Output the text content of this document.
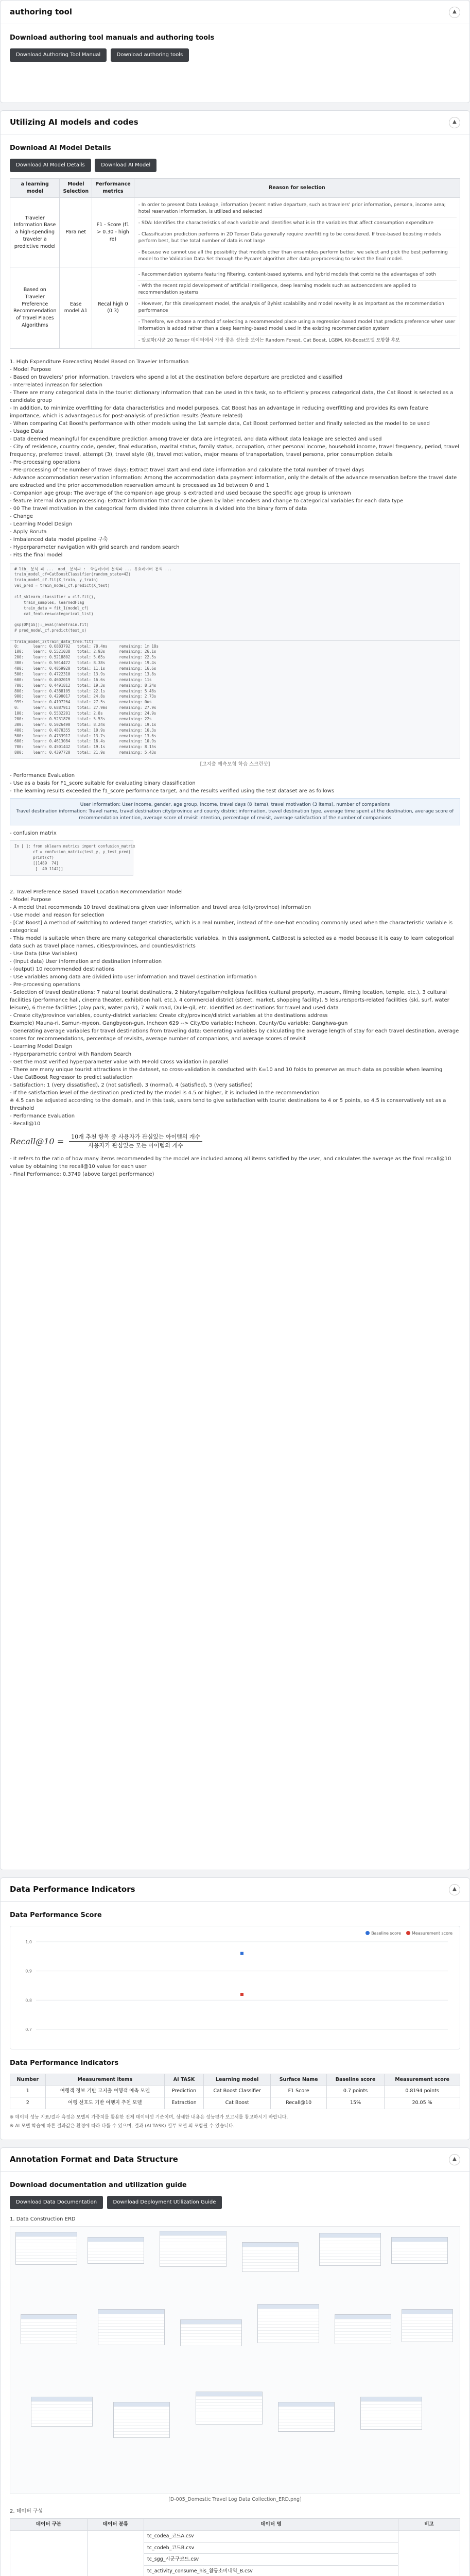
authoring tool	▲
Download authoring tool manuals and authoring tools
Download Authoring Tool Manual	Download authoring tools
Utilizing AI models and codes	▲
Download AI Model Details
Download AI Model Details	Download AI Model
a learning model	Model Selection	Performance metrics	Reason for selection
Traveler Information Base a high-spending traveler a predictive model	Para net	F1 - Score (f1 > 0.30 - high re)	- In order to present Data Leakage, information (recent native departure, such as travelers' prior information, persona, income area; hotel reservation information, is utilized and selected

- SDA: Identifies the characteristics of each variable and identifies what is in the variables that affect consumption expenditure

- Classification prediction performs in 2D Tensor Data generally require overfitting to be considered. If tree-based boosting models perform best, but the total number of data is not large

- Because we cannot use all the possibility that models other than ensembles perform better, we select and pick the best performing model to the Validation Data Set through the Pycaret algorithm after data preprocessing to select the final model.

Based on Traveler Preference Recommendation of Travel Places Algorithms	Ease model A1	Recal high 0 (0.3)	- Recommendation systems featuring filtering, content-based systems, and hybrid models that combine the advantages of both

- With the recent rapid development of artificial intelligence, deep learning models such as autoencoders are applied to recommendation systems

- However, for this development model, the analysis of Byhist scalability and model novelty is as important as the recommendation performance

- Therefore, we choose a method of selecting a recommended place using a regression-based model that predicts preference when user information is added rather than a deep learning-based model used in the existing recommendation system

- 알로하(시군 20 Tensor 데이터에서 가장 좋은 성능을 보이는 Random Forest, Cat Boost, LGBM, Kit-Boost모델 포함할 후보

1. High Expenditure Forecasting Model Based on Traveler Information
- Model Purpose
- Based on travelers' prior information, travelers who spend a lot at the destination before departure are predicted and classified
- Interrelated in/reason for selection
- There are many categorical data in the tourist dictionary information that can be used in this task, so to efficiently process categorical data, the Cat Boost is selected as a candidate group
- In addition, to minimize overfitting for data characteristics and model purposes, Cat Boost has an advantage in reducing overfitting and provides its own feature importance, which is advantageous for post-analysis of prediction results (feature related)
- When comparing Cat Boost's performance with other models using the 1st sample data, Cat Boost performed better and finally selected as the model to be used
- Usage Data
- Data deemed meaningful for expenditure prediction among traveler data are integrated, and data without data leakage are selected and used
- City of residence, country code, gender, final education, marital status, family status, occupation, other personal income, household income, travel frequency, period, travel frequency, preferred travel, attempt (3), travel style (8), travel motivation, major means of transportation, travel persona, prior consumption details
- Pre-processing operations
- Pre-processing of the number of travel days: Extract travel start and end date information and calculate the total number of travel days
- Advance accommodation reservation information: Among the accommodation data payment information, only the details of the advance reservation before the travel date are extracted and the prior accommodation reservation amount is processed as 1d between 0 and 1
- Companion age group: The average of the companion age group is extracted and used because the specific age group is unknown
- feature internal data preprocessing: Extract information that cannot be given by label encoders and change to categorical variables for each data type
- 00 The travel motivation in the categorical form divided into three columns is divided into the binary form of data
- Change
- Learning Model Design
- Apply Boruta
- Imbalanced data model pipeline 구축
- Hyperparameter navigation with grid search and random search
- Fits the final model
# lib_ 분석 파 ...  mod_ 분석파 :  학습데이터 분석파 ... 유효데이터 분석 ...
train_model_cf=CatBoostClassifier(random_state=42)
train_model_cf.fit(X_train, y_train)
val_pred = train_model_cf.predict(X_test)

clf_sklearn_classifier = clf.fit(),
train_samples, learnedFlag
train_data = fit_1(model_cf)
cat_features=categorical_list)

gsp(DM[GS]):_eval(nameTrain.fit)
# pred_model_cf.predict(test_x)

train_model_2(train_data_tree.fit)

0:      learn: 0.6883792   total: 78.4ms     remaining: 1m 18s
100:    learn: 0.5521038   total: 2.93s      remaining: 26.1s
200:    learn: 0.5218802   total: 5.65s      remaining: 22.5s
300:    learn: 0.5014472   total: 8.38s      remaining: 19.4s
400:    learn: 0.4859920   total: 11.1s      remaining: 16.6s
500:    learn: 0.4722310   total: 13.9s      remaining: 13.8s
600:    learn: 0.4602019   total: 16.6s      remaining: 11s
700:    learn: 0.4491812   total: 19.3s      remaining: 8.24s
800:    learn: 0.4388105   total: 22.1s      remaining: 5.48s
900:    learn: 0.4290017   total: 24.8s      remaining: 2.73s
999:    learn: 0.4197264   total: 27.5s      remaining: 0us
0:      learn: 0.6887911   total: 27.9ms     remaining: 27.9s
100:    learn: 0.5532201   total: 2.8s       remaining: 24.9s
200:    learn: 0.5231876   total: 5.53s      remaining: 22s
300:    learn: 0.5026490   total: 8.24s      remaining: 19.1s
400:    learn: 0.4870355   total: 10.9s      remaining: 16.3s
500:    learn: 0.4733917   total: 13.7s      remaining: 13.6s
600:    learn: 0.4613084   total: 16.4s      remaining: 10.9s
700:    learn: 0.4501442   total: 19.1s      remaining: 8.15s
800:    learn: 0.4397720   total: 21.9s      remaining: 5.43s

[고지출 예측모형 학습 스크린샷]
- Performance Evaluation
- Use as a basis for F1_score suitable for evaluating binary classification
- The learning results exceeded the f1_score performance target, and the results verified using the test dataset are as follows
User Information: User Income, gender, age group, income, travel days (8 items), travel motivation (3 items), number of companions
Travel destination information: Travel name, travel destination city/province and county district information, travel destination type, average time spent at the destination, average score of recommendation intention, average score of revisit intention, percentage of revisit, average satisfaction of the number of companions
- confusion matrix
In [ ]: from sklearn.metrics import confusion_matrix
cf = confusion_matrix(test_y, y_test_pred)
print(cf)
[[1489  74]
[  40 1142]]

2. Travel Preference Based Travel Location Recommendation Model
- Model Purpose
- A model that recommends 10 travel destinations given user information and travel area (city/province) information
- Use model and reason for selection
- [Cat Boost] A method of switching to ordered target statistics, which is a real number, instead of the one-hot encoding commonly used when the characteristic variable is categorical
- This model is suitable when there are many categorical characteristic variables. In this assignment, CatBoost is selected as a model because it is easy to learn categorical data such as travel place names, cities/provinces, and counties/districts
- Use Data (Use Variables)
- (Input data) User information and destination information
- (output) 10 recommended destinations
- Use variables among data are divided into user information and travel destination information
- Pre-processing operations
- Selection of travel destinations: 7 natural tourist destinations, 2 history/legalism/religious facilities (cultural property, museum, filming location, temple, etc.), 3 cultural facilities (performance hall, cinema theater, exhibition hall, etc.), 4 commercial district (street, market, shopping facility), 5 leisure/sports-related facilities (ski, surf, water leisure), 6 theme facilities (play park, water park), 7 walk road, Dulle-gil, etc. Identified as destinations for travel and used data
- Create city/province variables, county-district variables: Create city/province/district variables at the destinations address
Example) Mauna-ri, Samun-myeon, Gangbyeon-gun, Incheon 629 --> City/Do variable: Incheon, County/Gu variable: Ganghwa-gun
- Generating average variables for travel destinations from traveling data: Generating variables by calculating the average length of stay for each travel destination, average scores for recommendations, percentage of revisits, average number of companions, and average scores of revisit
- Learning Model Design
- Hyperparametric control with Random Search
- Get the most verified hyperparameter value with M-Fold Cross Validation in parallel
- There are many unique tourist attractions in the dataset, so cross-validation is conducted with K=10 and 10 folds to preserve as much data as possible when learning
- Use CatBoost Regressor to predict satisfaction
- Satisfaction: 1 (very dissatisfied), 2 (not satisfied), 3 (normal), 4 (satisfied), 5 (very satisfied)
- If the satisfaction level of the destination predicted by the model is 4.5 or higher, it is included in the recommendation
※ 4.5 can be adjusted according to the domain, and in this task, users tend to give satisfaction with tourist destinations to 4 or 5 points, so 4.5 is conservatively set as a threshold
- Performance Evaluation
- Recall@10
Recall@10 =	10개 추천 항목 중 사용자가 관심있는 아이템의 개수
사용자가 관심있는 모든 아이템의 개수
- It refers to the ratio of how many items recommended by the model are included among all items satisfied by the user, and calculates the average as the final recall@10 value by obtaining the recall@10 value for each user
- Final Performance: 0.3749 (above target performance)
Data Performance Indicators	▲
Data Performance Score
Baseline score	Measurement score
1.0
0.9
0.8
0.7
Data Performance Indicators
Number	Measurement items	AI TASK	Learning model	Surface Name	Baseline score	Measurement score
1	여행객 정보 기반 고지출 여행객 예측 모델	Prediction	Cat Boost Classifier	F1 Score	0.7 points	0.8194 points
2	여행 선호도 기반 여행지 추천 모델	Extraction	Cat Boost	Recall@10	15%	20.05 %
※ 데이터 성능 지표/결과 측정은 모델의 가중치를 활용한 전체 데이터셋 기준이며, 상세한 내용은 성능평가 보고서를 참고하시기 바랍니다.
※ AI 모델 학습에 따른 결과값은 환경에 따라 다를 수 있으며, 결과 (AI TASK) 일부 모델 의 포함될 수 있습니다.
Annotation Format and Data Structure	▲
Download documentation and utilization guide
Download Data Documentation	Download Deployment Utilization Guide
1. Data Construction ERD
[D-005_Domestic Travel Log Data Collection_ERD.png]
2. 데이터 구성
데이터 구분	데이터 분류	데이터 명	비고
		tc_codea_코드A.csv	
		tc_codeb_코드B.csv	
		tc_sgg_시군구코드.csv	
		tc_activity_consume_his_활동소비내역_B.csv	
